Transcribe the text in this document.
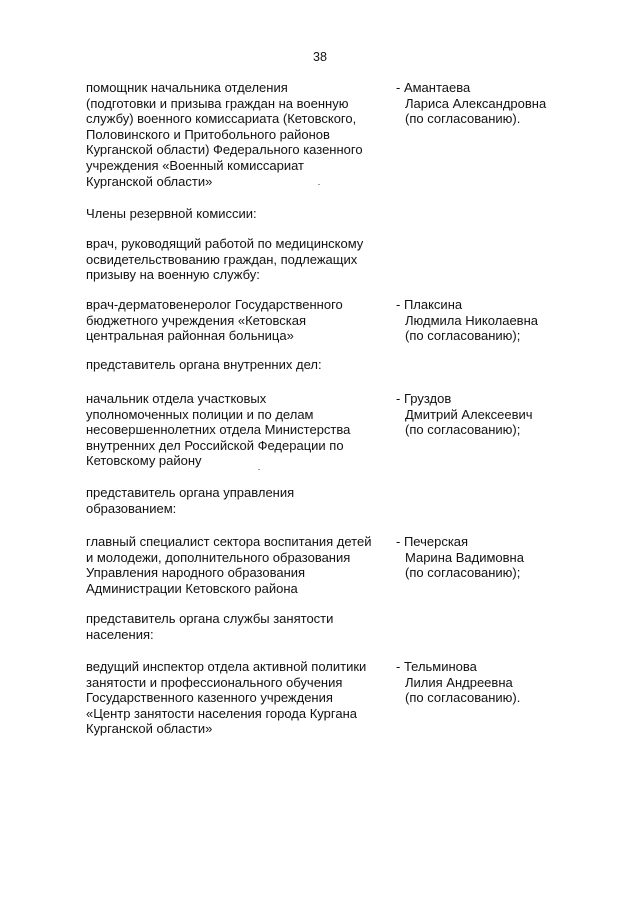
38
помощник начальника отделения
(подготовки и призыва граждан на военную
службу) военного комиссариата (Кетовского,
Половинского и Притобольного районов
Курганской области) Федерального казенного
учреждения «Военный комиссариат
Курганской области»
- Амантаева
Лариса Александровна
(по согласованию).
Члены резервной комиссии:
врач, руководящий работой по медицинскому
освидетельствованию граждан, подлежащих
призыву на военную службу:
врач-дерматовенеролог Государственного
бюджетного учреждения «Кетовская
центральная районная больница»
- Плаксина
Людмила Николаевна
(по согласованию);
представитель органа внутренних дел:
начальник отдела участковых
уполномоченных полиции и по делам
несовершеннолетних отдела Министерства
внутренних дел Российской Федерации по
Кетовскому району
- Груздов
Дмитрий Алексеевич
(по согласованию);
представитель органа управления
образованием:
главный специалист сектора воспитания детей
и молодежи, дополнительного образования
Управления народного образования
Администрации Кетовского района
- Печерская
Марина Вадимовна
(по согласованию);
представитель органа службы занятости
населения:
ведущий инспектор отдела активной политики
занятости и профессионального обучения
Государственного казенного учреждения
«Центр занятости населения города Кургана
Курганской области»
- Тельминова
Лилия Андреевна
(по согласованию).
